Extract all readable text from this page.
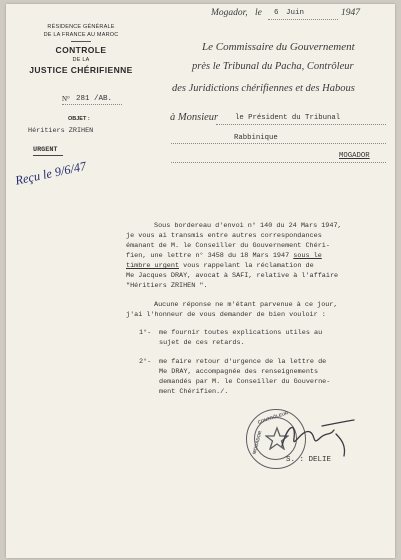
RÉSIDENCE GÉNÉRALE
DE LA FRANCE AU MAROC
CONTROLE
DE LA
JUSTICE CHÉRIFIENNE
N° 281 /AB.
OBJET :
Héritiers ZRIHEN
URGENT
Reçu le 9/6/47
Mogador, le 6 Juin	1947
Le Commissaire du Gouvernement
près le Tribunal du Pacha, Contrôleur
des Juridictions chérifiennes et des Habous
à Monsieur le Président du Tribunal
Rabbinique
MOGADOR
Sous bordereau d'envoi n° 140 du 24 Mars 1947,
je vous ai transmis entre autres correspondances
émanant de M. le Conseiller du Gouvernement Chéri-
fien, une lettre n° 3458 du 18 Mars 1947 sous le
timbre urgent vous rappelant la réclamation de
Me Jacques DRAY, avocat à SAFI, relative à l'affaire
"Héritiers ZRIHEN ".
Aucune réponse ne m'étant parvenue à ce jour,
j'ai l'honneur de vous demander de bien vouloir :
1°- me fournir toutes explications utiles au
sujet de ces retards.
2°- me faire retour d'urgence de la lettre de
Me DRAY, accompagnée des renseignements
demandés par M. le Conseiller du Gouverne-
ment Chérifien./.
CONTRÔLEUR
MOGADOR
S. : DELIE
